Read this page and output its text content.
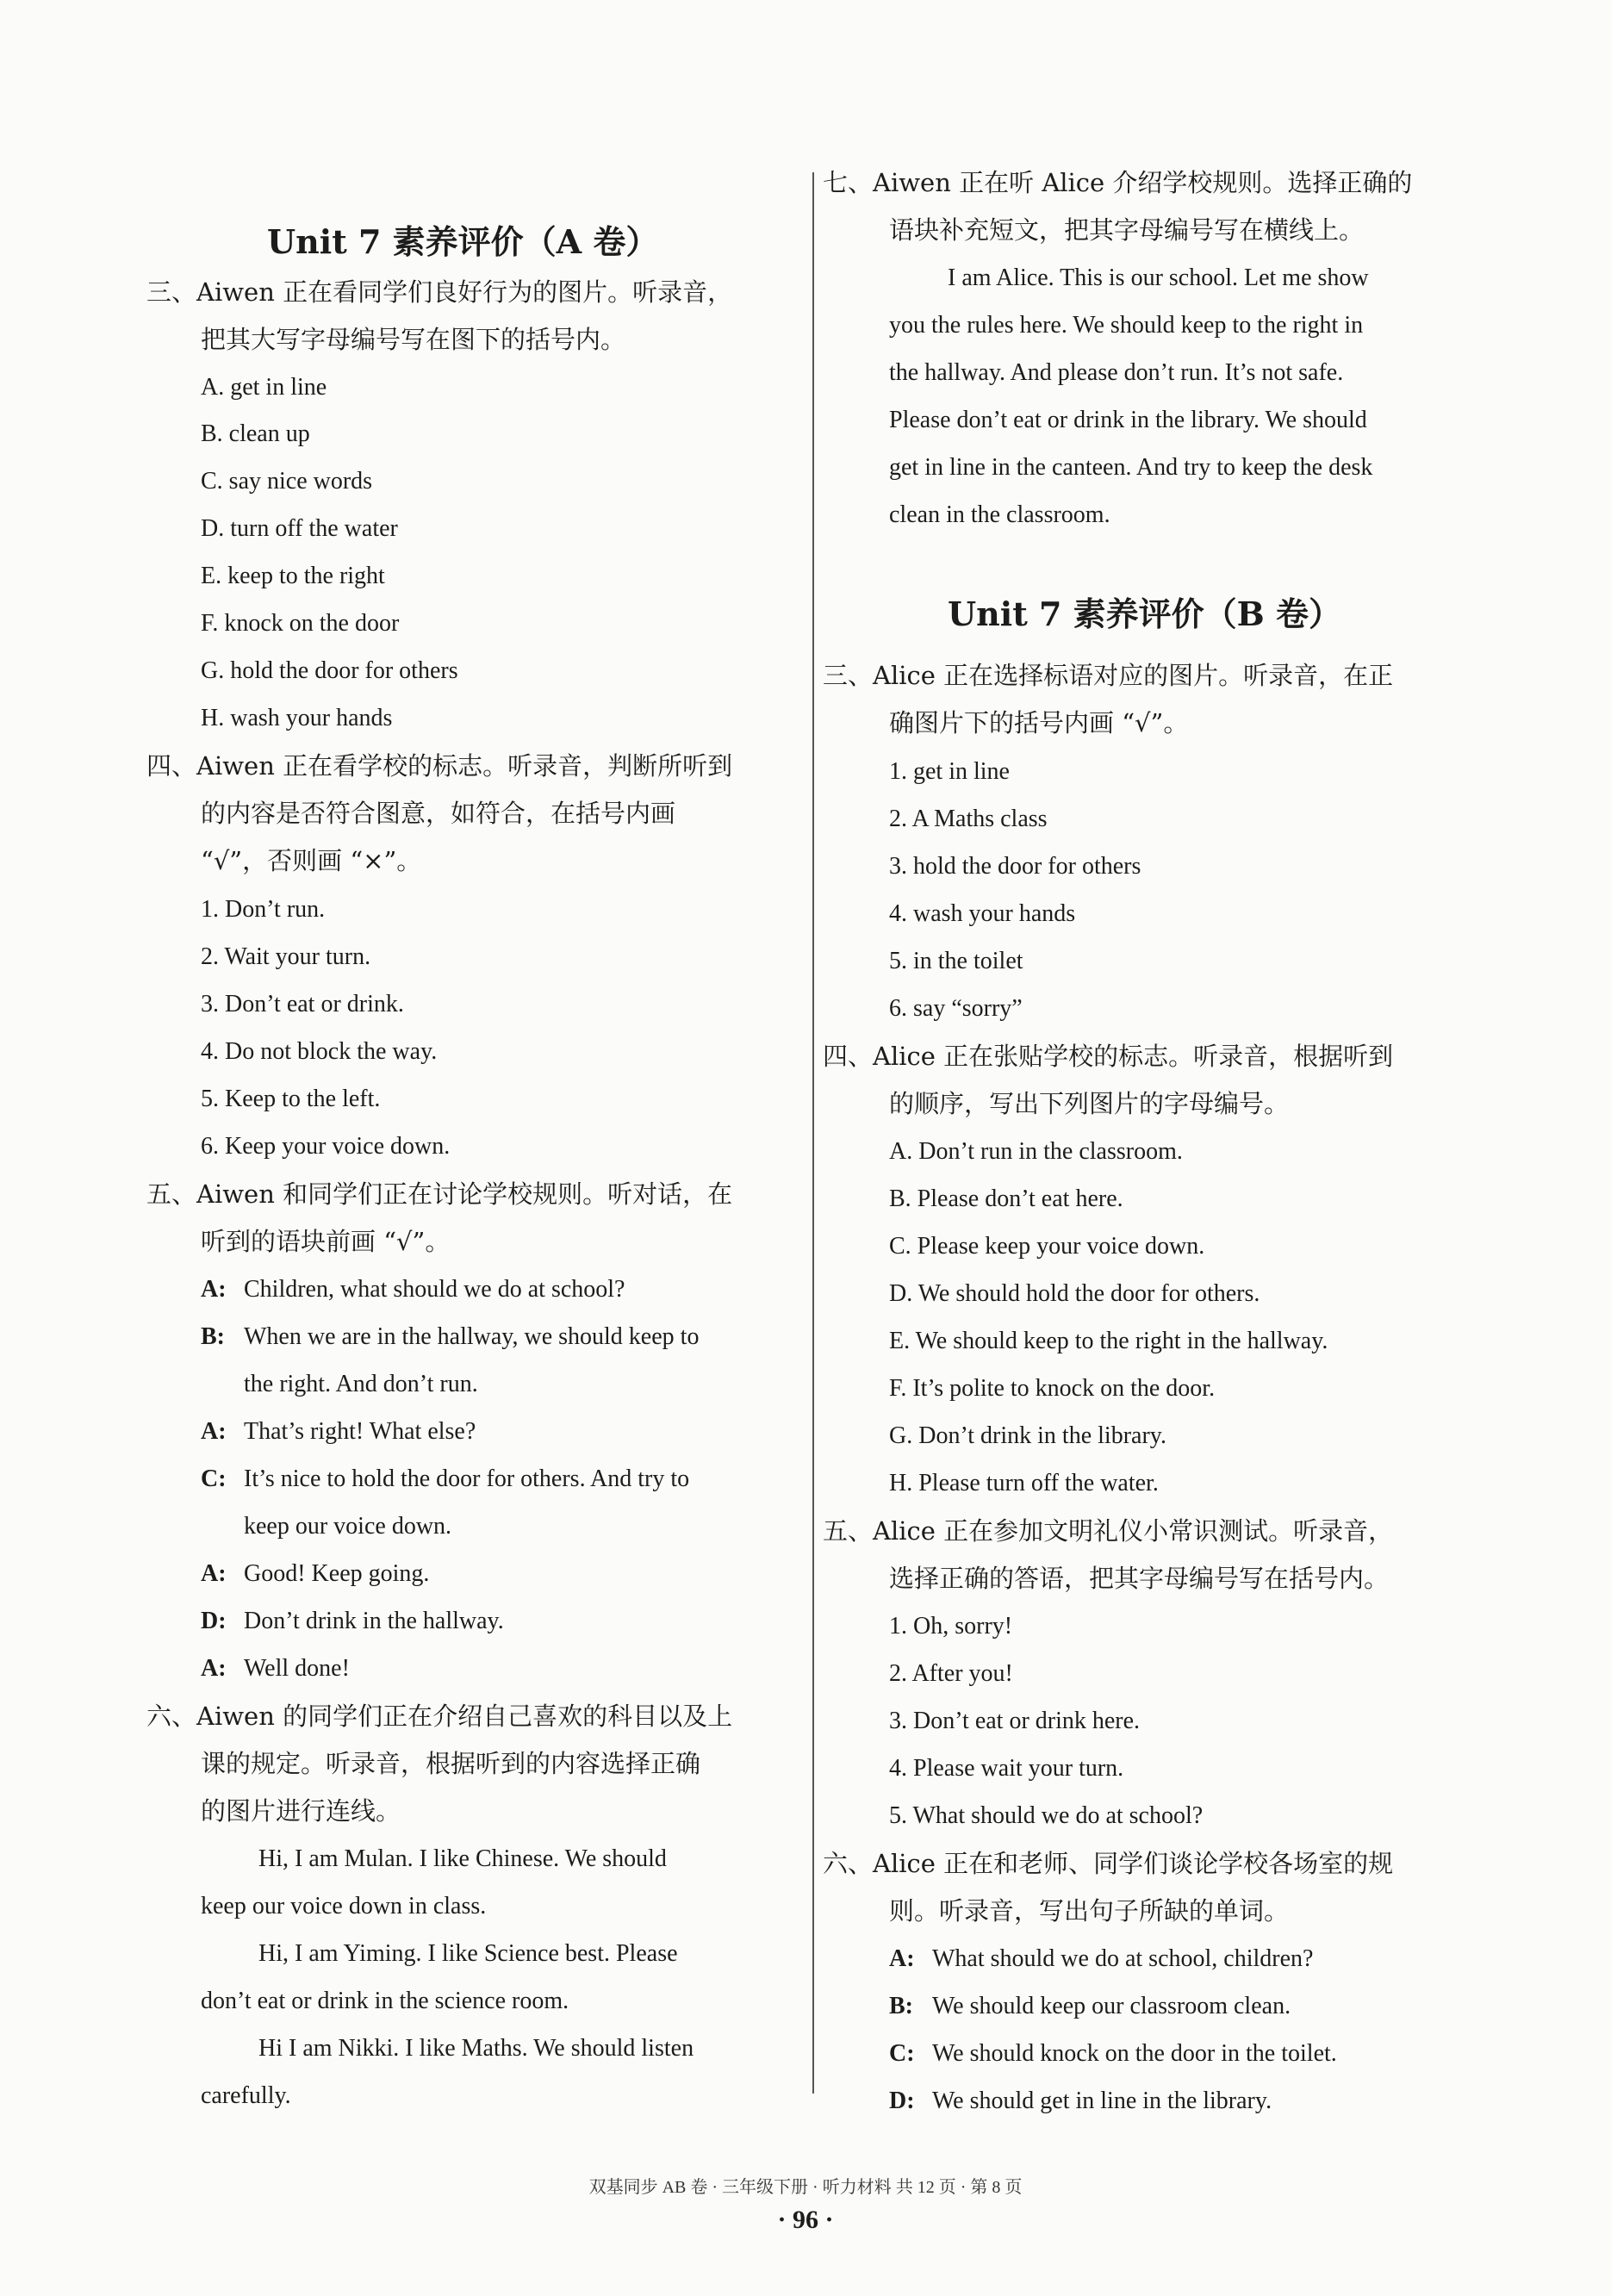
Unit 7 素养评价（A 卷）
三、Aiwen 正在看同学们良好行为的图片。听录音，
把其大写字母编号写在图下的括号内。
A. get in line
B. clean up
C. say nice words
D. turn off the water
E. keep to the right
F. knock on the door
G. hold the door for others
H. wash your hands
四、Aiwen 正在看学校的标志。听录音，判断所听到
的内容是否符合图意，如符合，在括号内画
“√”，否则画 “×”。
1. Don’t run.
2. Wait your turn.
3. Don’t eat or drink.
4. Do not block the way.
5. Keep to the left.
6. Keep your voice down.
五、Aiwen 和同学们正在讨论学校规则。听对话，在
听到的语块前画 “√”。
A: Children, what should we do at school?
B: When we are in the hallway, we should keep to
the right. And don’t run.
A: That’s right! What else?
C: It’s nice to hold the door for others. And try to
keep our voice down.
A: Good! Keep going.
D: Don’t drink in the hallway.
A: Well done!
六、Aiwen 的同学们正在介绍自己喜欢的科目以及上
课的规定。听录音，根据听到的内容选择正确
的图片进行连线。
Hi, I am Mulan. I like Chinese. We should
keep our voice down in class.
Hi, I am Yiming. I like Science best. Please
don’t eat or drink in the science room.
Hi I am Nikki. I like Maths. We should listen
carefully.
Unit 7 素养评价（B 卷）
七、Aiwen 正在听 Alice 介绍学校规则。选择正确的
语块补充短文，把其字母编号写在横线上。
I am Alice. This is our school. Let me show
you the rules here. We should keep to the right in
the hallway. And please don’t run. It’s not safe.
Please don’t eat or drink in the library. We should
get in line in the canteen. And try to keep the desk
clean in the classroom.
三、Alice 正在选择标语对应的图片。听录音，在正
确图片下的括号内画 “√”。
1. get in line
2. A Maths class
3. hold the door for others
4. wash your hands
5. in the toilet
6. say “sorry”
四、Alice 正在张贴学校的标志。听录音，根据听到
的顺序，写出下列图片的字母编号。
A. Don’t run in the classroom.
B. Please don’t eat here.
C. Please keep your voice down.
D. We should hold the door for others.
E. We should keep to the right in the hallway.
F. It’s polite to knock on the door.
G. Don’t drink in the library.
H. Please turn off the water.
五、Alice 正在参加文明礼仪小常识测试。听录音，
选择正确的答语，把其字母编号写在括号内。
1. Oh, sorry!
2. After you!
3. Don’t eat or drink here.
4. Please wait your turn.
5. What should we do at school?
六、Alice 正在和老师、同学们谈论学校各场室的规
则。听录音，写出句子所缺的单词。
A: What should we do at school, children?
B: We should keep our classroom clean.
C: We should knock on the door in the toilet.
D: We should get in line in the library.
双基同步 AB 卷 · 三年级下册 · 听力材料 共 12 页 · 第 8 页
· 96 ·
